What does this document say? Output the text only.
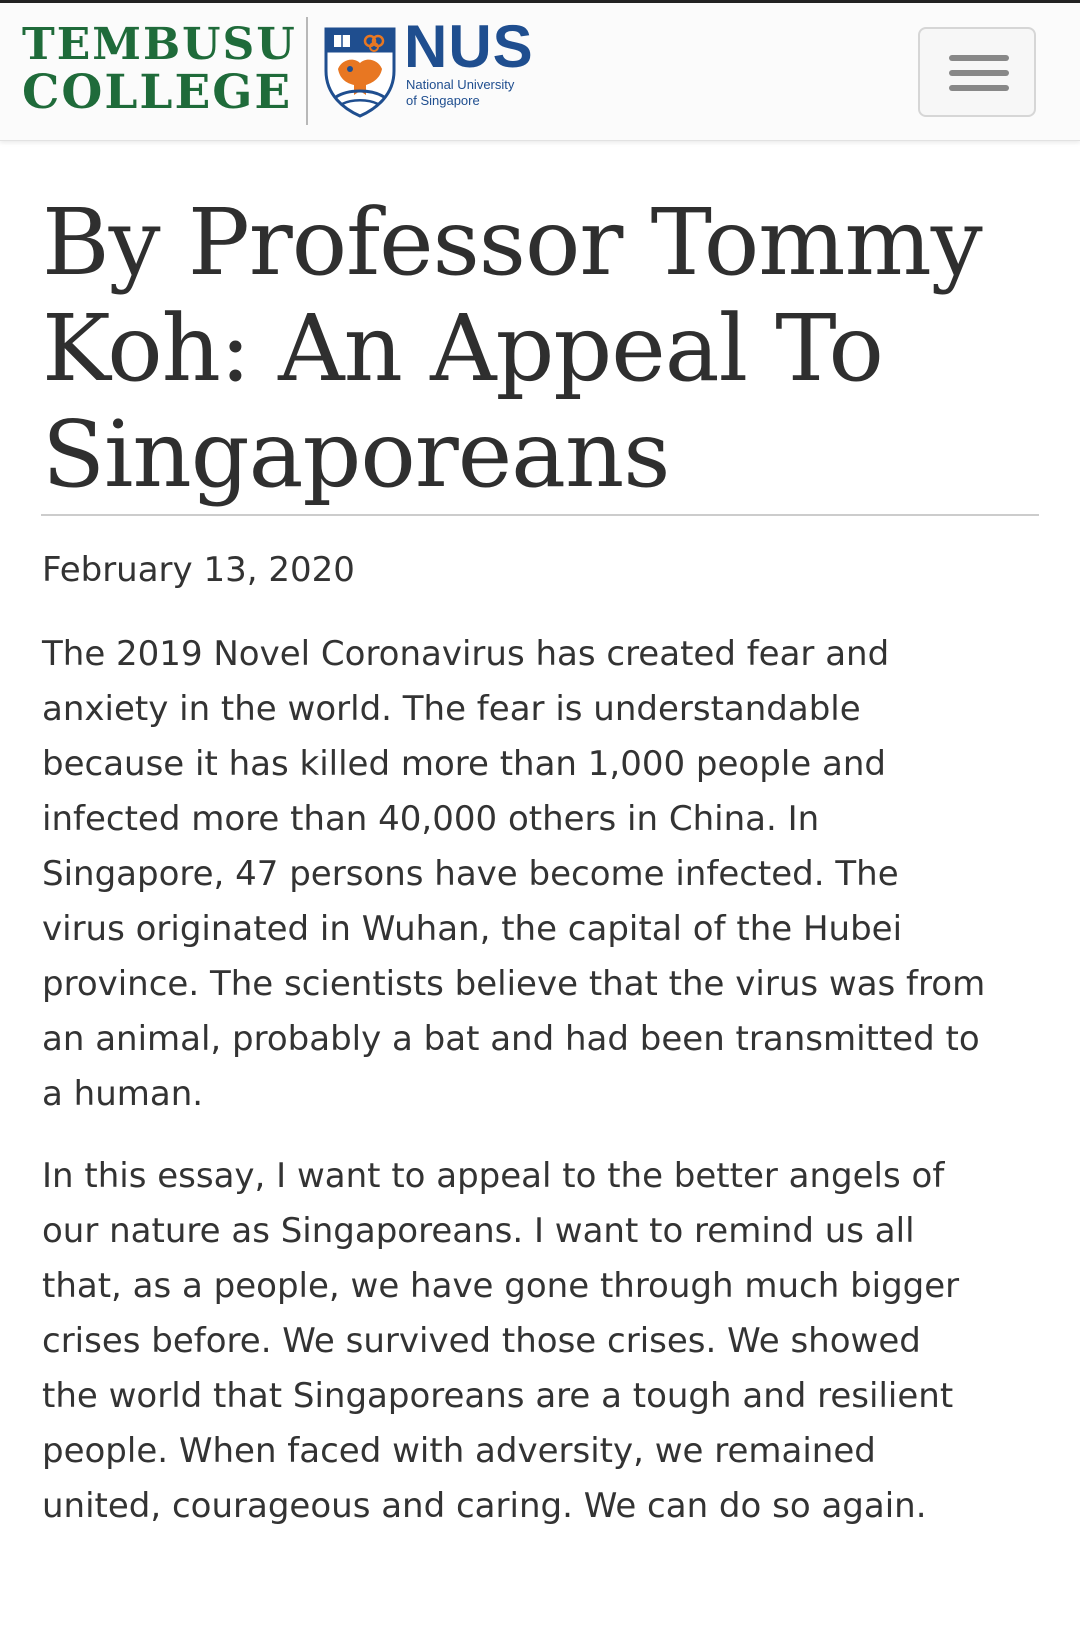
TEMBUSU
COLLEGE
NUS
National University
of Singapore
By Professor Tommy Koh: An Appeal To Singaporeans
February 13, 2020

The 2019 Novel Coronavirus has created fear and
anxiety in the world. The fear is understandable
because it has killed more than 1,000 people and
infected more than 40,000 others in China. In
Singapore, 47 persons have become infected. The
virus originated in Wuhan, the capital of the Hubei
province. The scientists believe that the virus was from
an animal, probably a bat and had been transmitted to
a human.

In this essay, I want to appeal to the better angels of
our nature as Singaporeans. I want to remind us all
that, as a people, we have gone through much bigger
crises before. We survived those crises. We showed
the world that Singaporeans are a tough and resilient
people. When faced with adversity, we remained
united, courageous and caring. We can do so again.
